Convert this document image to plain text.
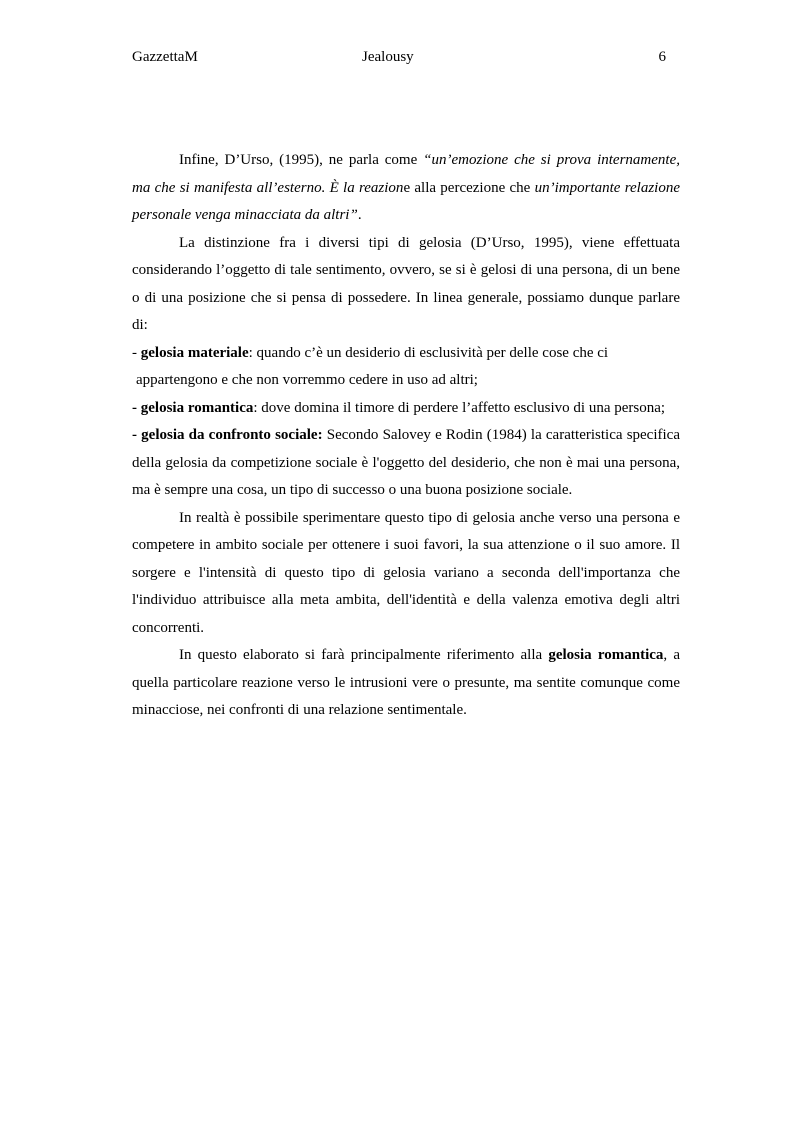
GazzettaM	Jealousy	6

Infine, D’Urso, (1995), ne parla come “un’emozione che si prova internamente, ma che si manifesta all’esterno. È la reazione alla percezione che un’importante relazione personale venga minacciata da altri”.

La distinzione fra i diversi tipi di gelosia (D’Urso, 1995), viene effettuata considerando l’oggetto di tale sentimento, ovvero, se si è gelosi di una persona, di un bene o di una posizione che si pensa di possedere. In linea generale, possiamo dunque parlare di:

- gelosia materiale: quando c’è un desiderio di esclusività per delle cose che ci

appartengono e che non vorremmo cedere in uso ad altri;

- gelosia romantica: dove domina il timore di perdere l’affetto esclusivo di una persona;

- gelosia da confronto sociale: Secondo Salovey e Rodin (1984) la caratteristica specifica della gelosia da competizione sociale è l'oggetto del desiderio, che non è mai una persona, ma è sempre una cosa, un tipo di successo o una buona posizione sociale.

In realtà è possibile sperimentare questo tipo di gelosia anche verso una persona e competere in ambito sociale per ottenere i suoi favori, la sua attenzione o il suo amore. Il sorgere e l'intensità di questo tipo di gelosia variano a seconda dell'importanza che l'individuo attribuisce alla meta ambita, dell'identità e della valenza emotiva degli altri concorrenti.

In questo elaborato si farà principalmente riferimento alla gelosia romantica, a quella particolare reazione verso le intrusioni vere o presunte, ma sentite comunque come minacciose, nei confronti di una relazione sentimentale.
